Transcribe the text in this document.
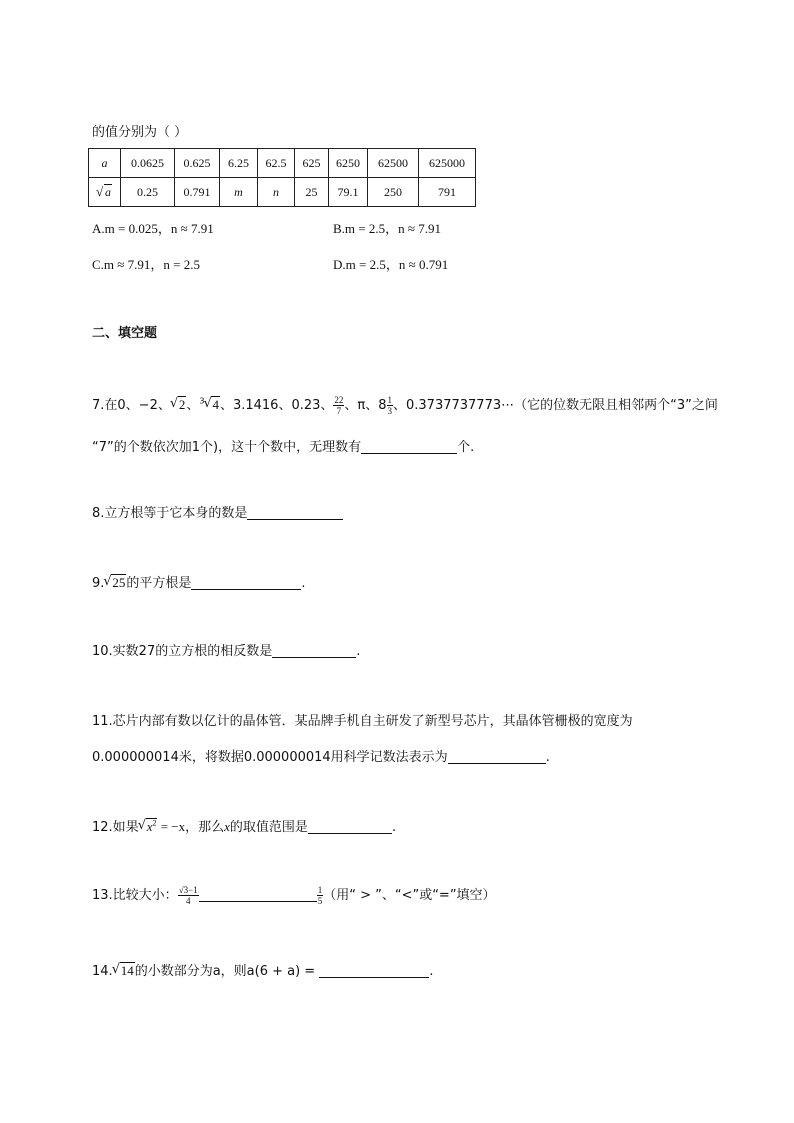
的值分别为（ ）
a	0.0625	0.625	6.25	62.5	625	6250	62500	625000
√ a	0.25	0.791	m	n	25	79.1	250	791
A.m = 0.025，n ≈ 7.91	B.m = 2.5，n ≈ 7.91
C.m ≈ 7.91，n = 2.5	D.m = 2.5，n ≈ 0.791
二、填空题
7.在0、−2、 √ 2、$^3$ √ 4、3.1416、0.23、 $\frac{22}{7}$ 、π、$8 \frac{1}{3}$ 、0.3737737773⋯（它的位数无限且相邻两个“3”之间
“7”的个数依次加1个)，这十个数中，无理数有	个.
8.立方根等于它本身的数是
9. √ 25的平方根是	.
10.实数27的立方根的相反数是	.
11.芯片内部有数以亿计的晶体管．某品牌手机自主研发了新型号芯片，其晶体管栅极的宽度为
0.000000014米，将数据0.000000014用科学记数法表示为	.
12.如果 √ $x^2 = -x$，那么x的取值范围是	.
13.比较大小： $\frac{√3-1}{4}$	$\frac{1}{5}$ （用“ > ”、“<”或“=”填空）
14. √ 14的小数部分为a，则a(6 + a) =	.
